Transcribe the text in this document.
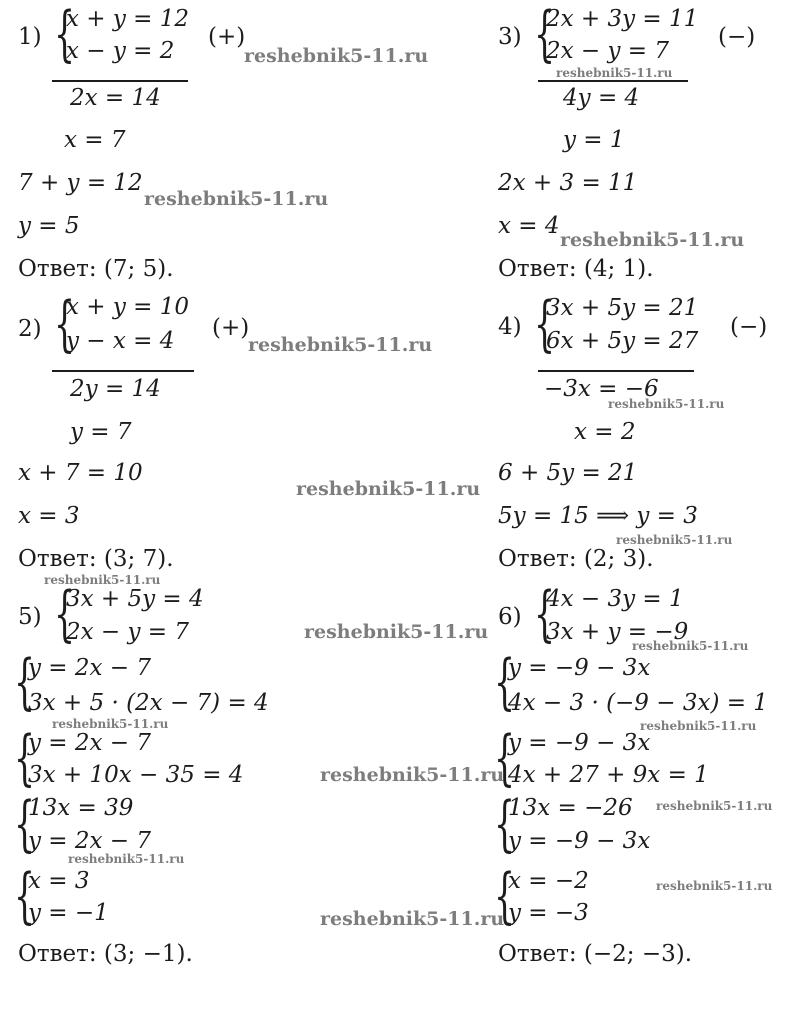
1) {
x + y = 12
x − y = 2
(+)
2x = 14
x = 7
7 + y = 12
y = 5
Ответ: (7; 5).
2) {
x + y = 10
y − x = 4 (+)
2y = 14
y = 7
x + 7 = 10
x = 3
Ответ: (3; 7).
3) {
2x + 3y = 11
2x − y = 7
(−)
4y = 4
y = 1
2x + 3 = 11
x = 4
Ответ: (4; 1).
4) {
3x + 5y = 21
6x + 5y = 27
(−)
−3x = −6
x = 2
6 + 5y = 21
5y = 15 ⟹ y = 3
Ответ: (2; 3).
5) {
3x + 5y = 4
2x − y = 7
{
y = 2x − 7
3x + 5 · (2x − 7) = 4
{
y = 2x − 7
3x + 10x − 35 = 4
{
13x = 39
y = 2x − 7
{
x = 3
y = −1
Ответ: (3; −1).
6) {
4x − 3y = 1
3x + y = −9
{
y = −9 − 3x
4x − 3 · (−9 − 3x) = 1
{
y = −9 − 3x
4x + 27 + 9x = 1
{
13x = −26
y = −9 − 3x
{
x = −2
y = −3
Ответ: (−2; −3).
reshebnik5-11.ru
reshebnik5-11.ru
reshebnik5-11.ru
reshebnik5-11.ru
reshebnik5-11.ru
reshebnik5-11.ru
reshebnik5-11.ru
reshebnik5-11.ru
reshebnik5-11.ru
reshebnik5-11.ru
reshebnik5-11.ru
reshebnik5-11.ru	reshebnik5-11.ru
reshebnik5-11.ru
reshebnik5-11.ru
reshebnik5-11.ru
reshebnik5-11.ru
reshebnik5-11.ru
